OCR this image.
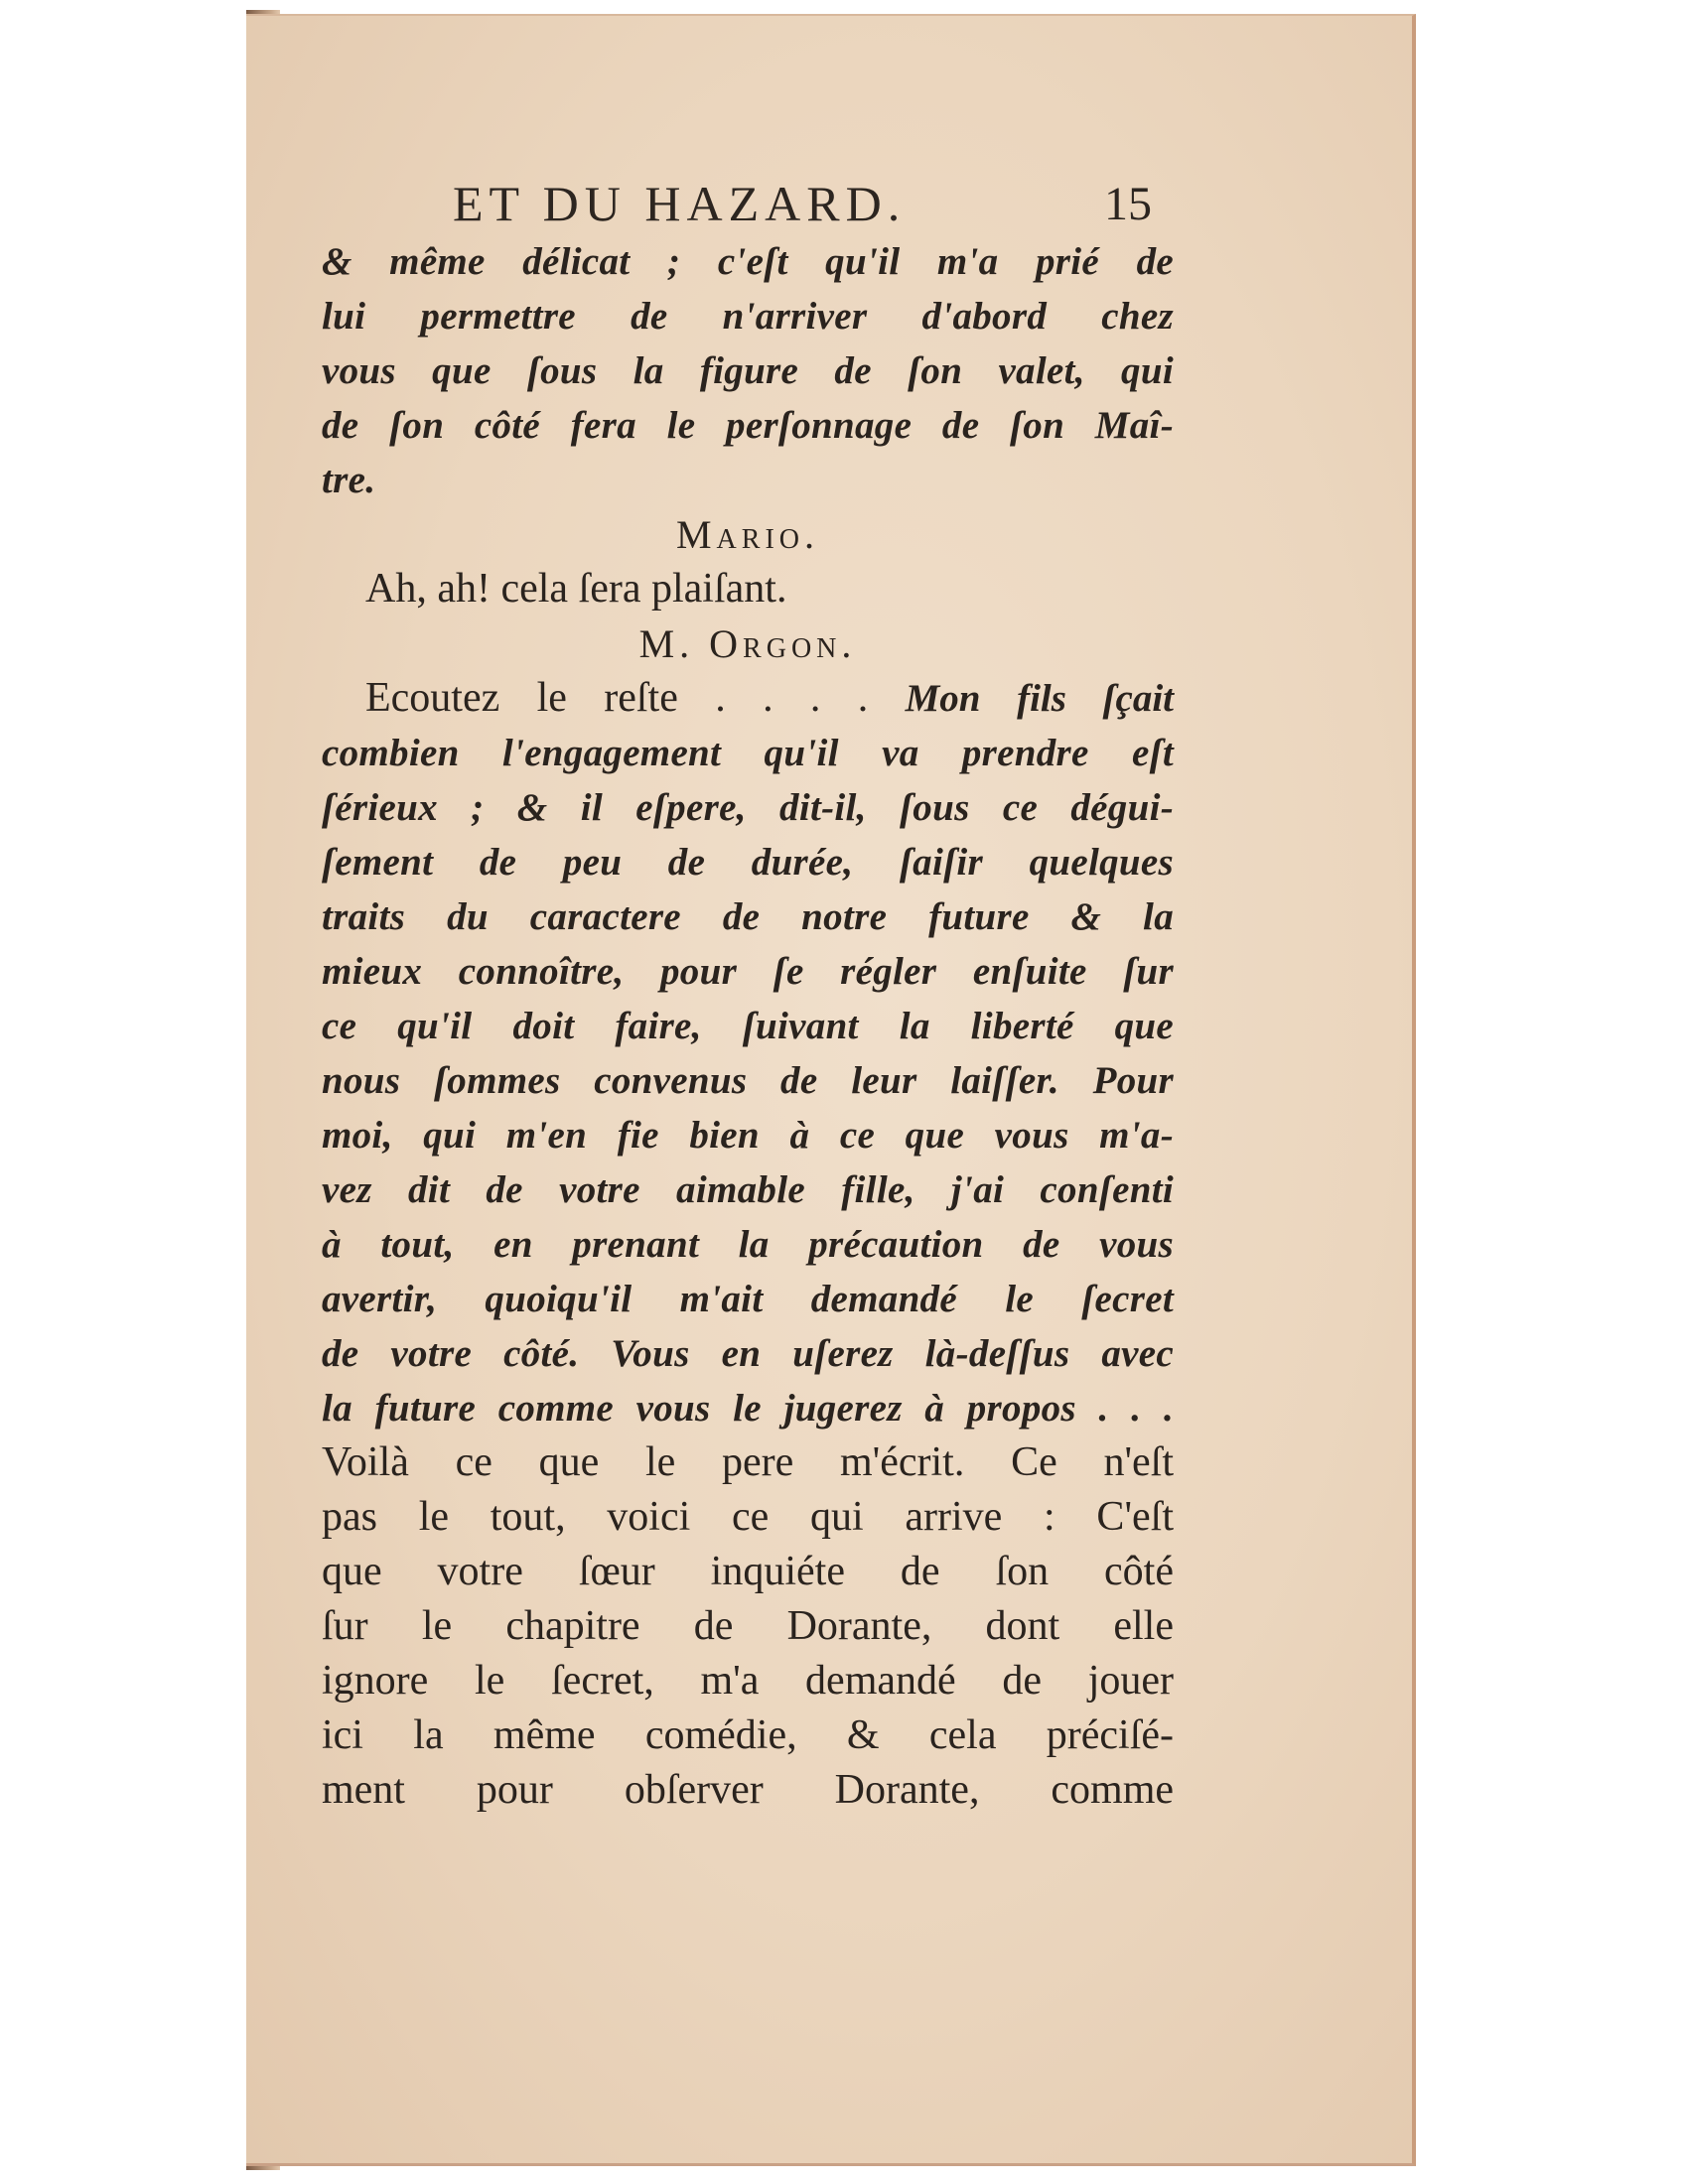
ET DU HAZARD.	15
& même délicat ; c'eſt qu'il m'a prié de
lui permettre de n'arriver d'abord chez
vous que ſous la figure de ſon valet, qui
de ſon côté fera le perſonnage de ſon Maî-
tre.
Mario.
Ah, ah! cela ſera plaiſant.
M. Orgon.
Ecoutez le reſte . . . . Mon fils ſçait
combien l'engagement qu'il va prendre eſt
ſérieux ; & il eſpere, dit-il, ſous ce dégui-
ſement de peu de durée, ſaiſir quelques
traits du caractere de notre future & la
mieux connoître, pour ſe régler enſuite ſur
ce qu'il doit faire, ſuivant la liberté que
nous ſommes convenus de leur laiſſer. Pour
moi, qui m'en fie bien à ce que vous m'a-
vez dit de votre aimable fille, j'ai conſenti
à tout, en prenant la précaution de vous
avertir, quoiqu'il m'ait demandé le ſecret
de votre côté. Vous en uſerez là-deſſus avec
la future comme vous le jugerez à propos . . .
Voilà ce que le pere m'écrit. Ce n'eſt
pas le tout, voici ce qui arrive : C'eſt
que votre ſœur inquiéte de ſon côté
ſur le chapitre de Dorante, dont elle
ignore le ſecret, m'a demandé de jouer
ici la même comédie, & cela préciſé-
ment pour obſerver Dorante, comme
